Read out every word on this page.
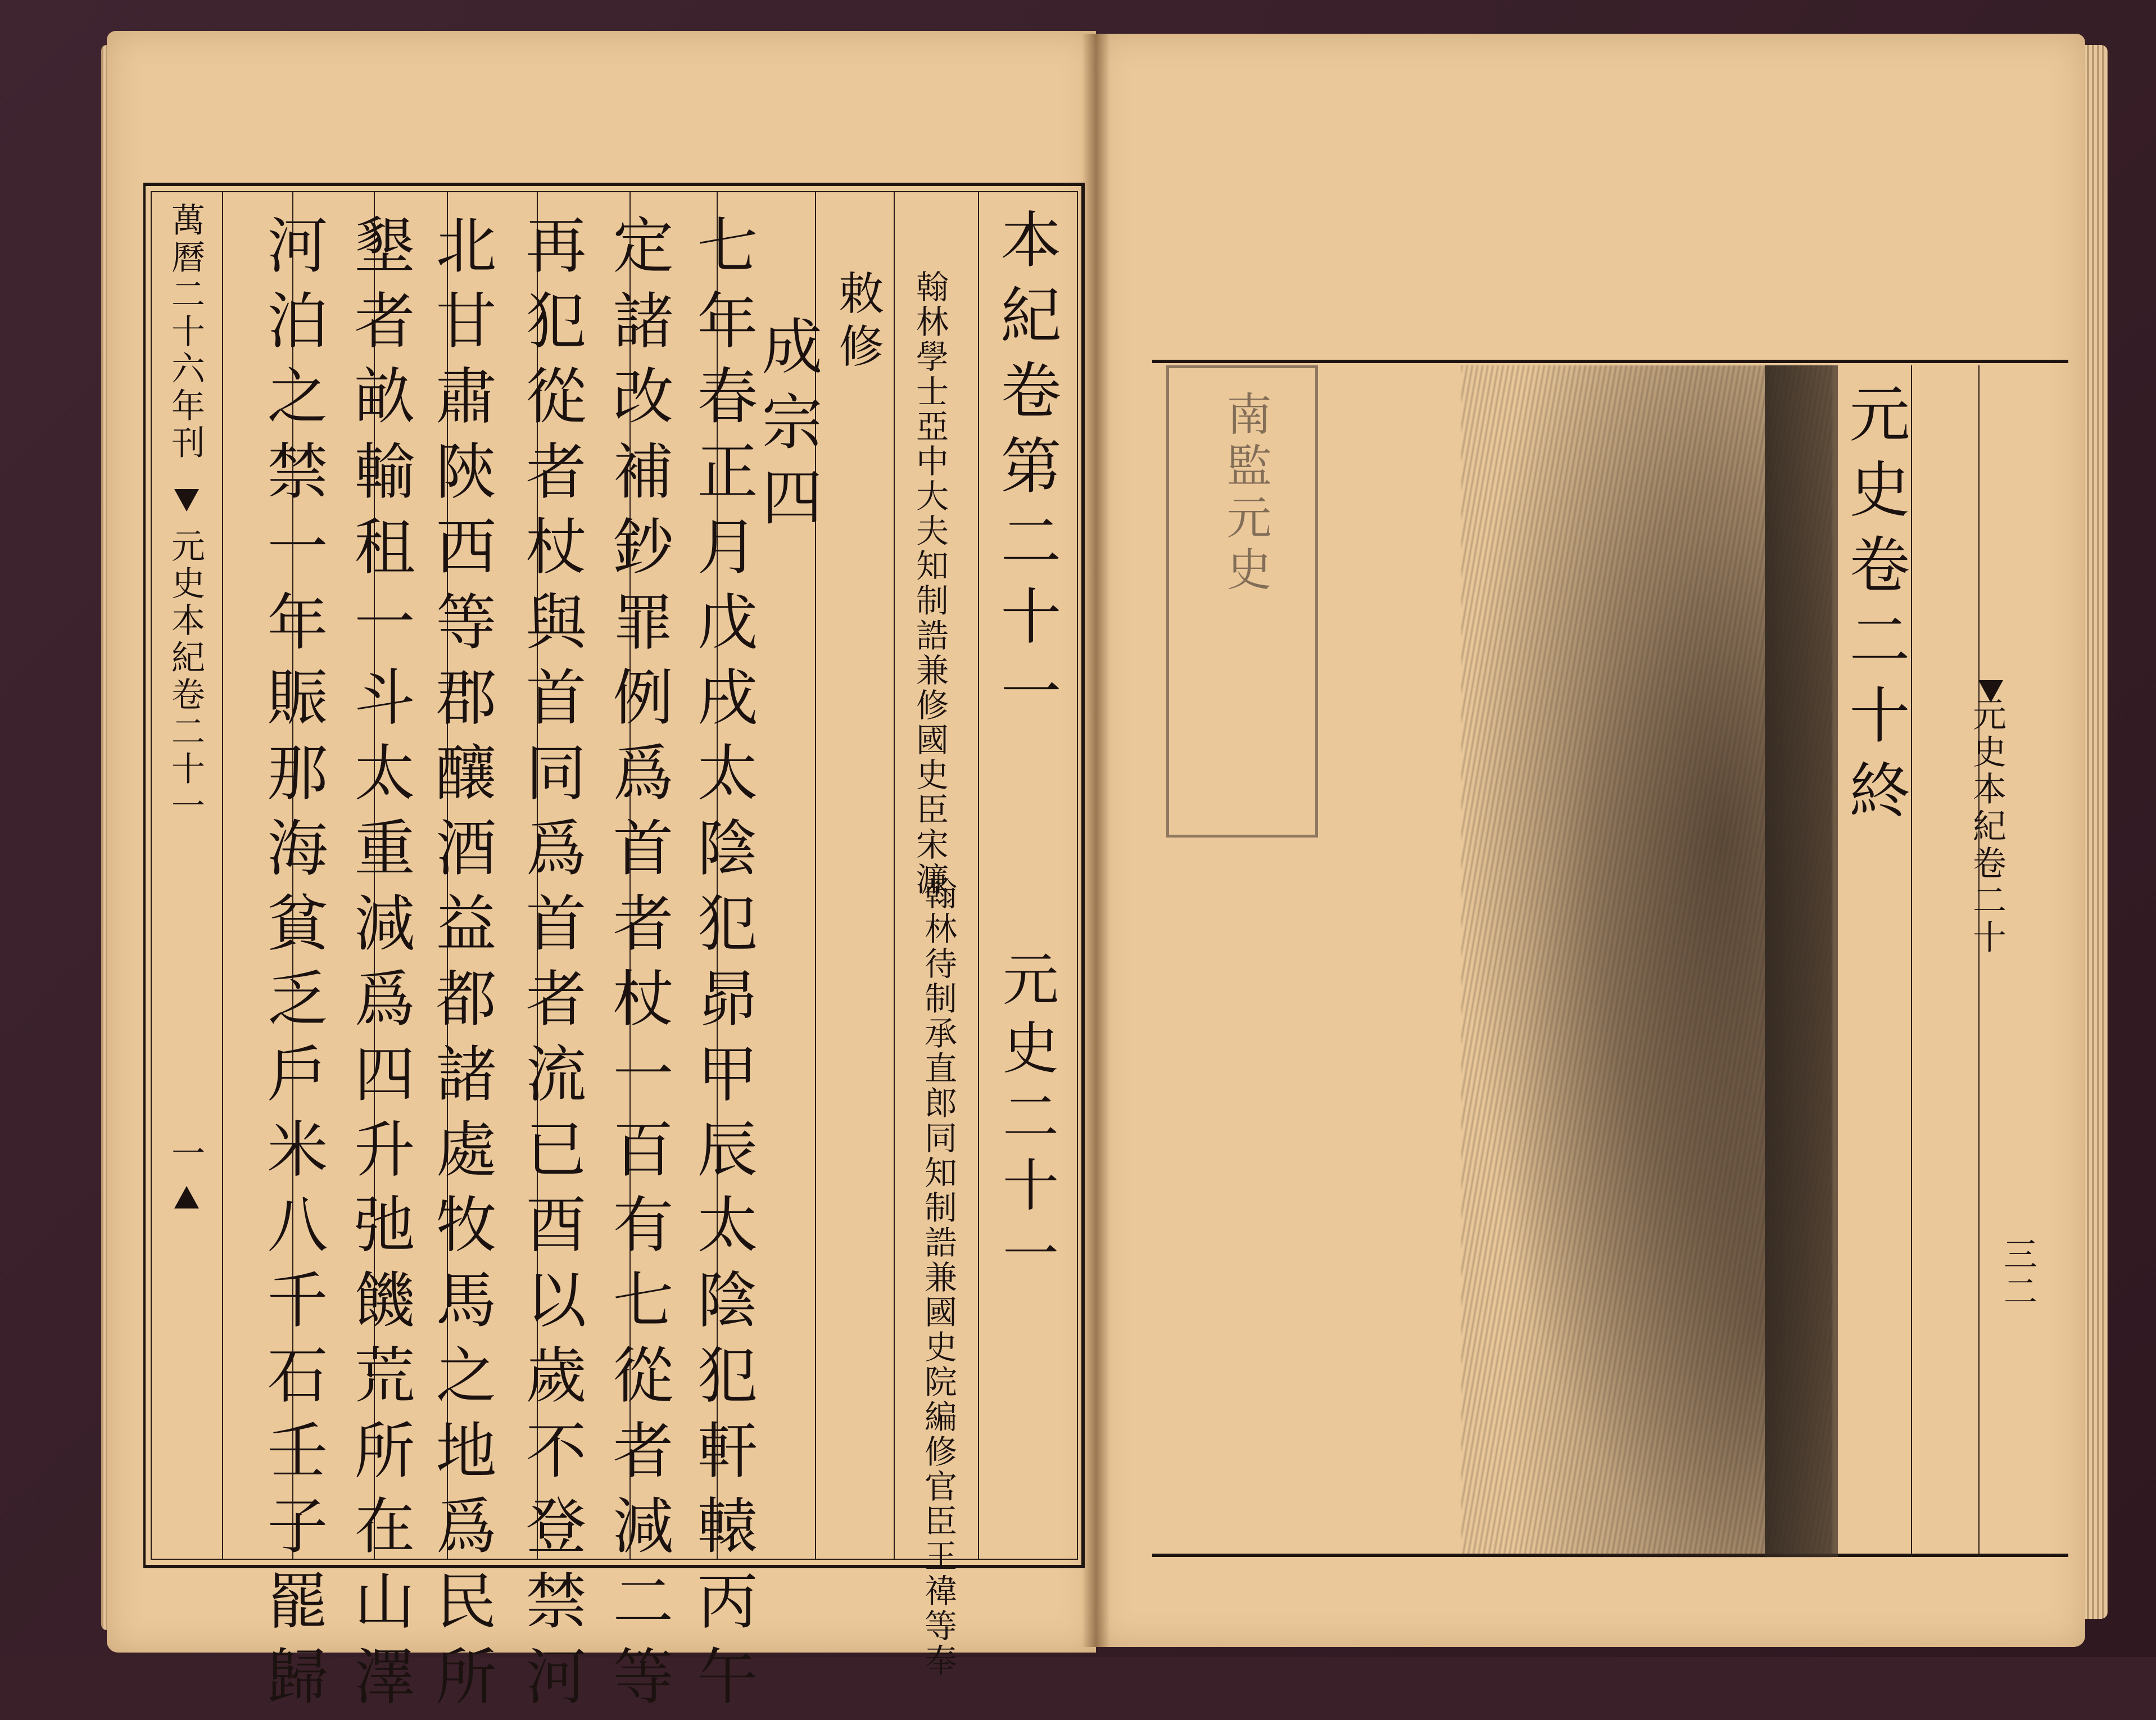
萬曆二十六年刊
元史本紀卷二十一
一	七年春正月戊戌太陰犯昴甲辰太陰犯軒轅丙午
定諸改補鈔罪例爲首者杖一百有七從者減二等
再犯從者杖與首同爲首者流已酉以歲不登禁河
北甘肅陝西等郡釀酒益都諸處牧馬之地爲民所
墾者畝輸租一斗太重減爲四升弛饑荒所在山澤
河泊之禁一年賑那海貧乏戶米八千石壬子罷歸	成宗四 敕修 翰林學士亞中大夫知制誥兼修國史臣宋濂
翰林待制承直郎同知制誥兼國史院編修官臣王禕等奉
本紀卷第二十一
元史二十一
南監元史	元史卷二十終 元史本紀卷二十
三二
